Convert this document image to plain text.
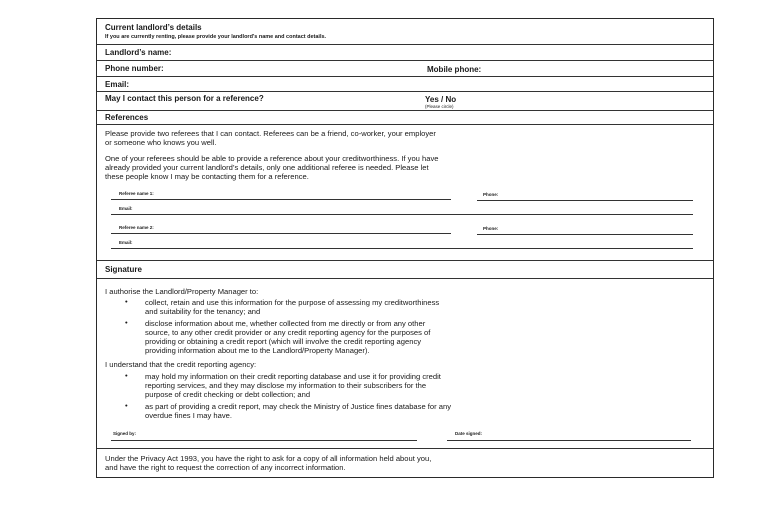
Current landlord’s details
If you are currently renting, please provide your landlord’s name and contact details.
Landlord’s name:
Phone number:	Mobile phone:
Email:
May I contact this person for a reference?	Yes / No
(Please circle)
References
Please provide two referees that I can contact. Referees can be a friend, co-worker, your employer
or someone who knows you well.
One of your referees should be able to provide a reference about your creditworthiness. If you have
already provided your current landlord’s details, only one additional referee is needed. Please let
these people know I may be contacting them for a reference.
Referee name 1:	Phone:
Email:
Referee name 2:	Phone:
Email:
Signature
I authorise the Landlord/Property Manager to:
• collect, retain and use this information for the purpose of assessing my creditworthiness
and suitability for the tenancy; and
• disclose information about me, whether collected from me directly or from any other
source, to any other credit provider or any credit reporting agency for the purposes of
providing or obtaining a credit report (which will involve the credit reporting agency
providing information about me to the Landlord/Property Manager).
I understand that the credit reporting agency:
• may hold my information on their credit reporting database and use it for providing credit
reporting services, and they may disclose my information to their subscribers for the
purpose of credit checking or debt collection; and
• as part of providing a credit report, may check the Ministry of Justice fines database for any
overdue fines I may have.
Signed by:	Date signed:
Under the Privacy Act 1993, you have the right to ask for a copy of all information held about you,
and have the right to request the correction of any incorrect information.
